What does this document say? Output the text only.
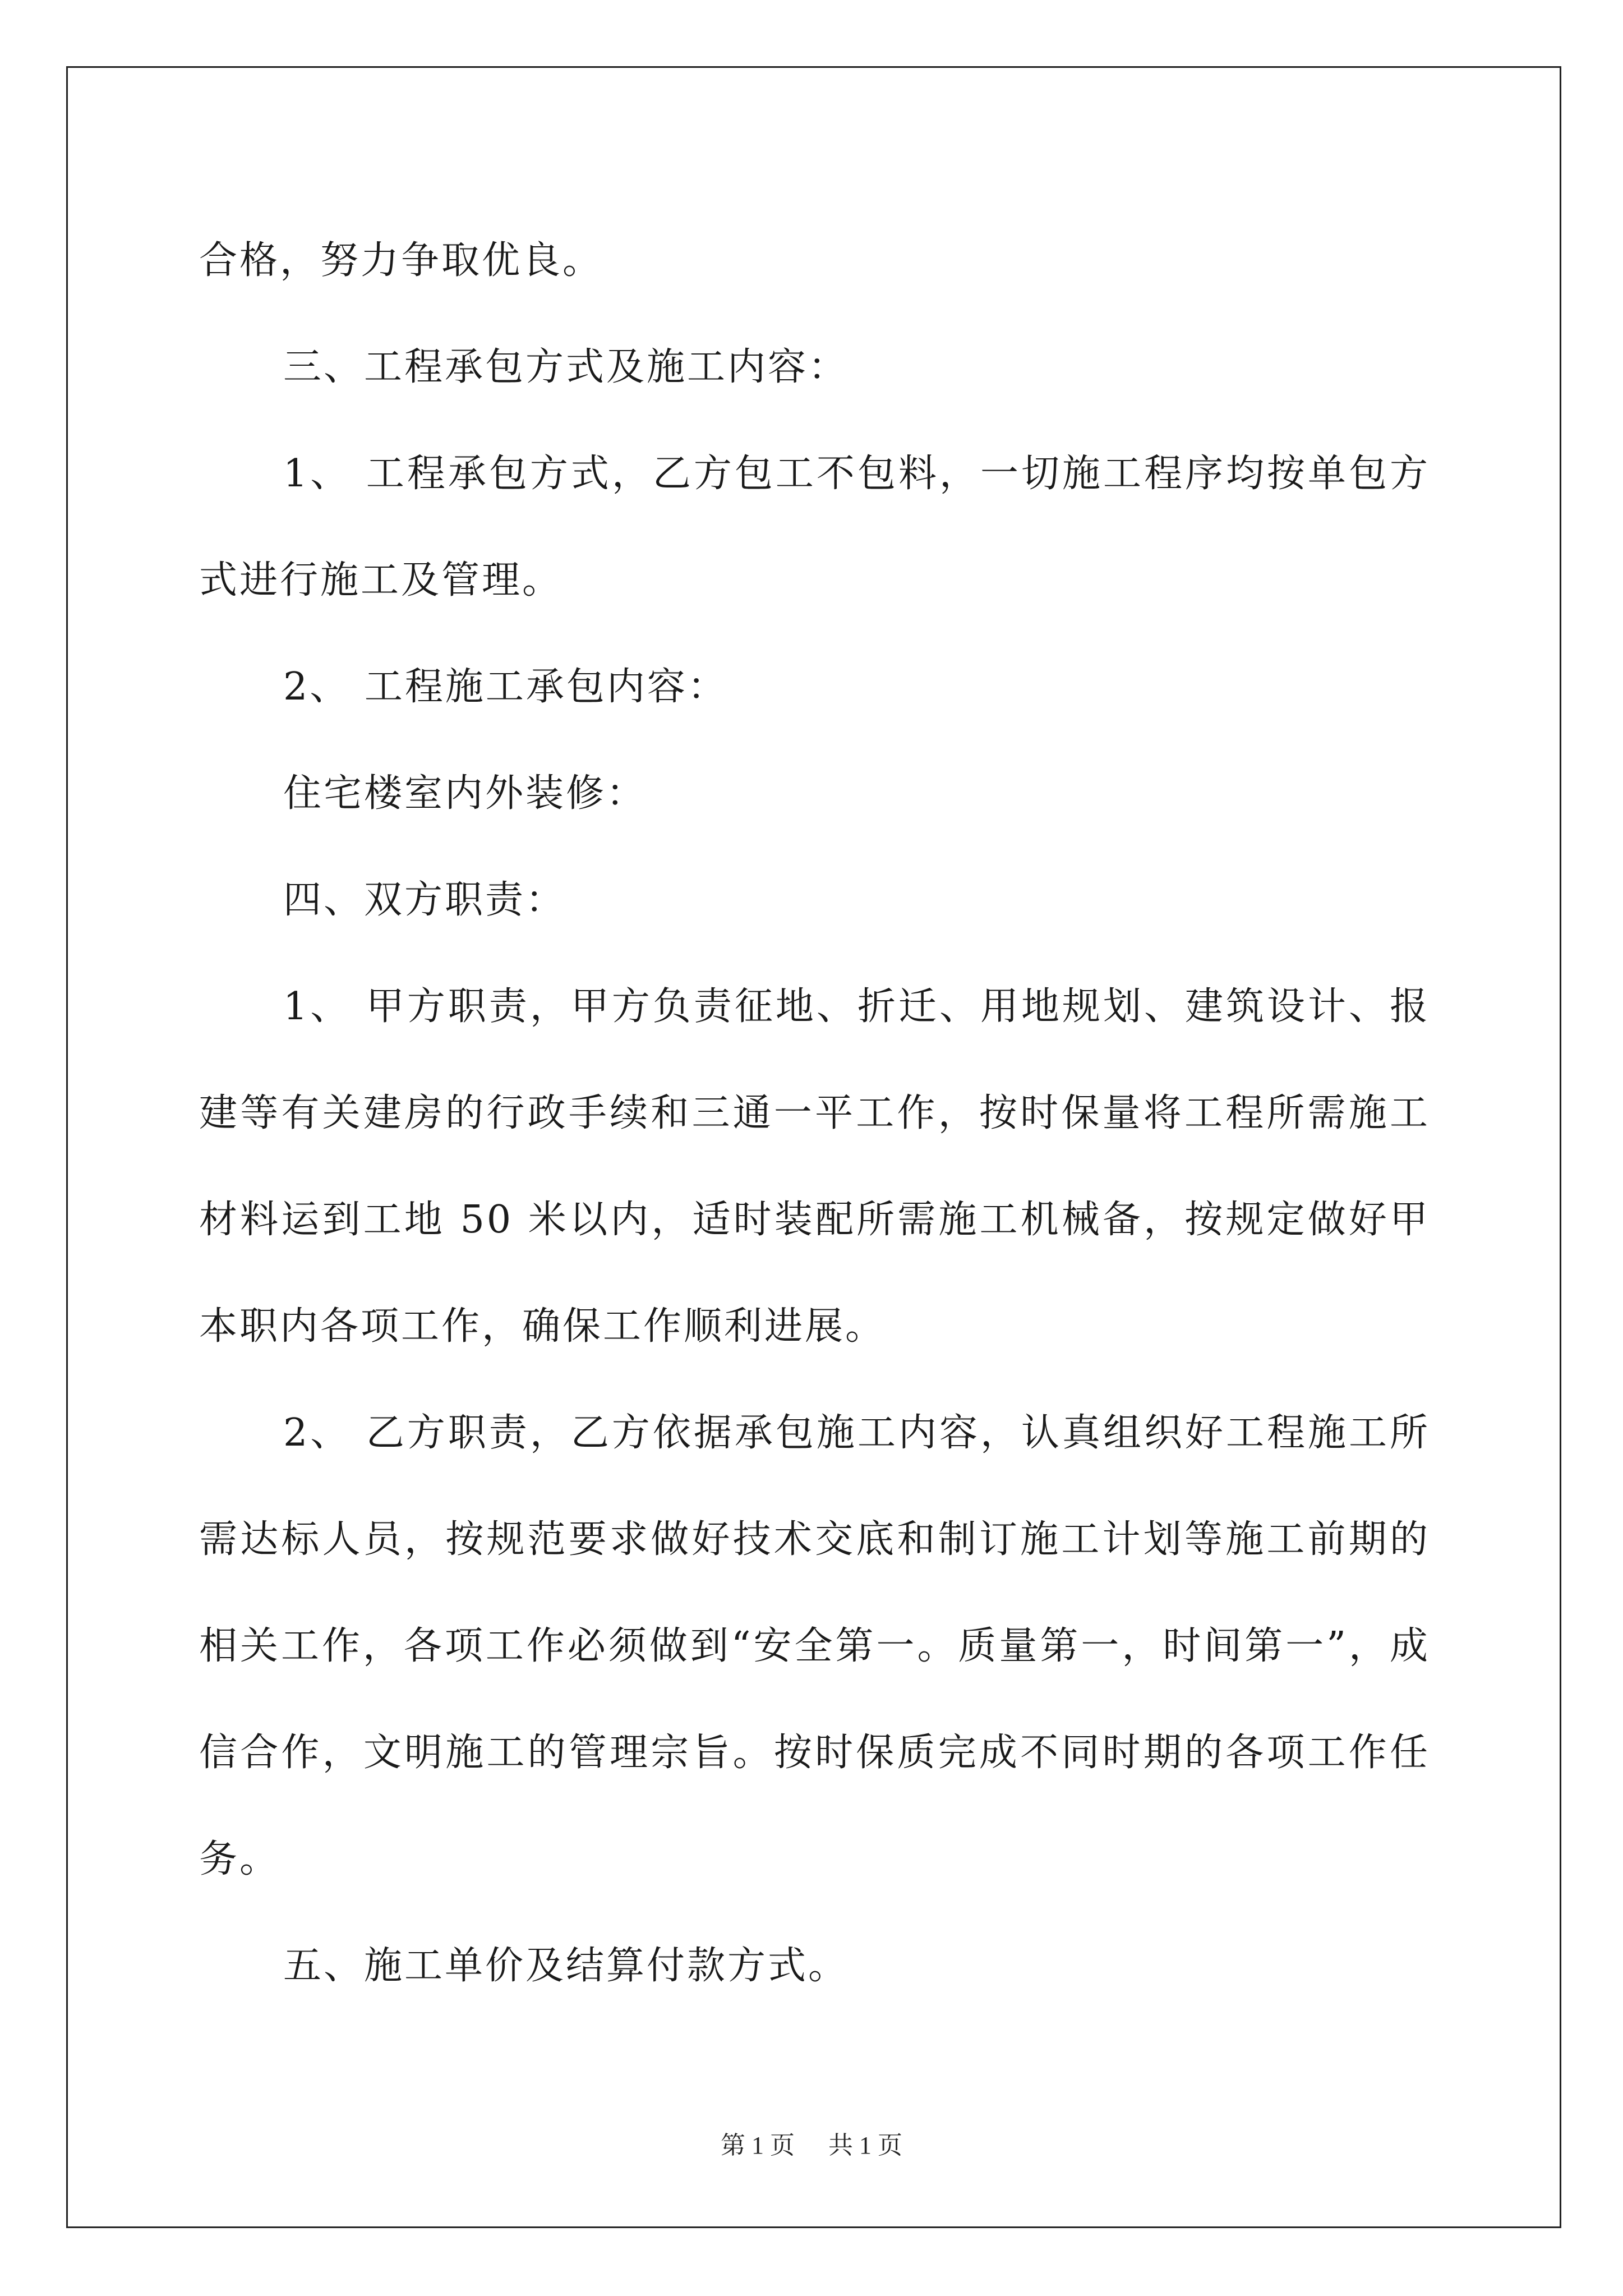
合格，努力争取优良。
三、工程承包方式及施工内容：
1、 工程承包方式，乙方包工不包料，一切施工程序均按单包方
式进行施工及管理。
2、 工程施工承包内容：
住宅楼室内外装修：
四、双方职责：
1、 甲方职责，甲方负责征地、折迁、用地规划、建筑设计、报
建等有关建房的行政手续和三通一平工作，按时保量将工程所需施工
材料运到工地 50 米以内，适时装配所需施工机械备，按规定做好甲
本职内各项工作，确保工作顺利进展。
2、 乙方职责，乙方依据承包施工内容，认真组织好工程施工所
需达标人员，按规范要求做好技术交底和制订施工计划等施工前期的
相关工作，各项工作必须做到“安全第一。质量第一，时间第一”，成
信合作，文明施工的管理宗旨。按时保质完成不同时期的各项工作任
务。
五、施工单价及结算付款方式。
第 1 页 共 1 页
